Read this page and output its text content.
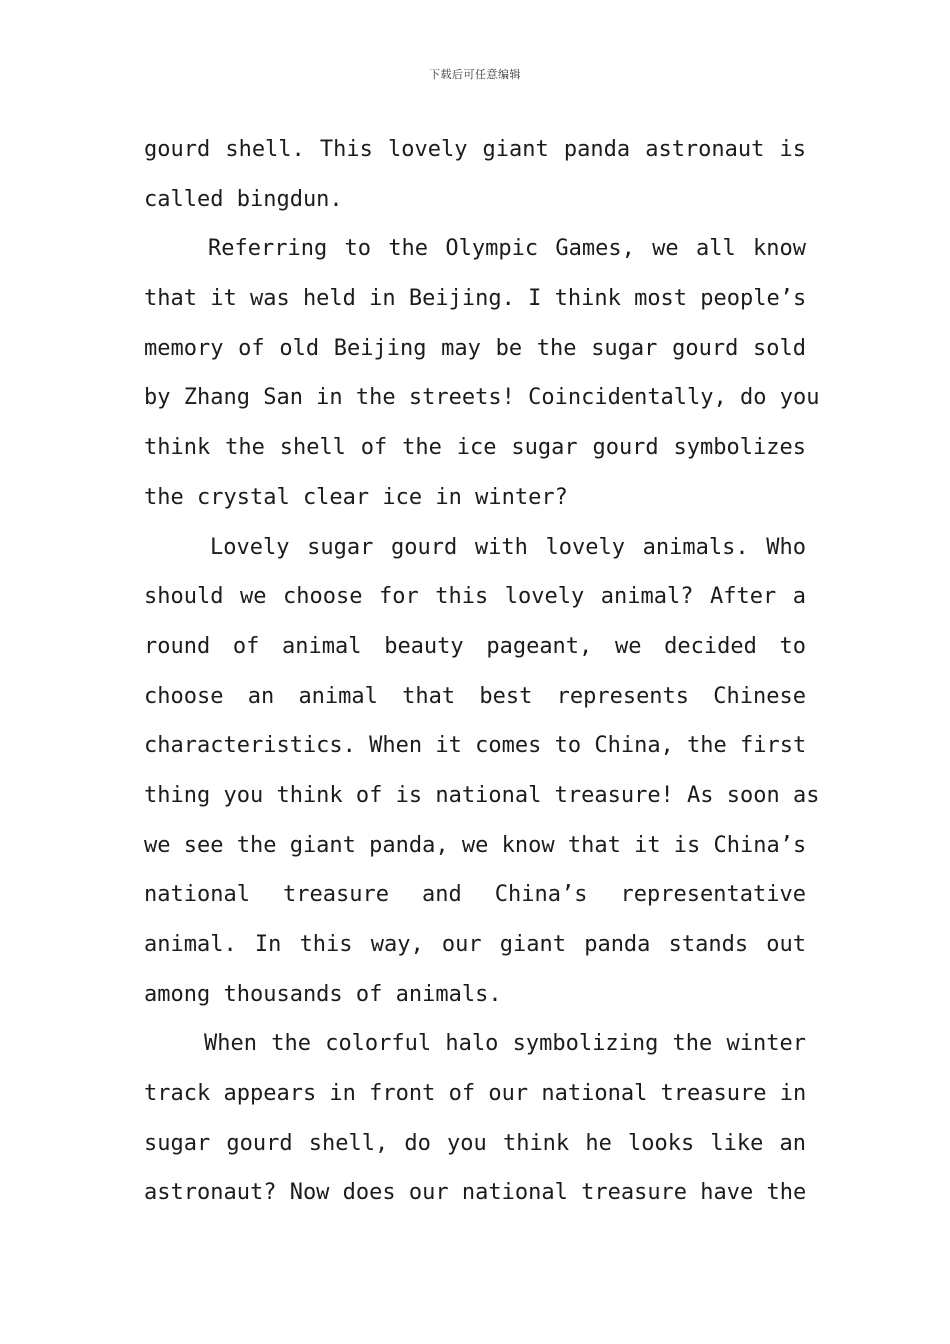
下载后可任意编辑
gourd shell. This lovely giant panda astronaut is
called bingdun.
Referring to the Olympic Games, we all know
that it was held in Beijing. I think most people’s
memory of old Beijing may be the sugar gourd sold
by Zhang San in the streets! Coincidentally, do you
think the shell of the ice sugar gourd symbolizes
the crystal clear ice in winter?
Lovely sugar gourd with lovely animals. Who
should we choose for this lovely animal? After a
round of animal beauty pageant, we decided to
choose an animal that best represents Chinese
characteristics. When it comes to China, the first
thing you think of is national treasure! As soon as
we see the giant panda, we know that it is China’s
national treasure and China’s representative
animal. In this way, our giant panda stands out
among thousands of animals.
When the colorful halo symbolizing the winter
track appears in front of our national treasure in
sugar gourd shell, do you think he looks like an
astronaut? Now does our national treasure have the
